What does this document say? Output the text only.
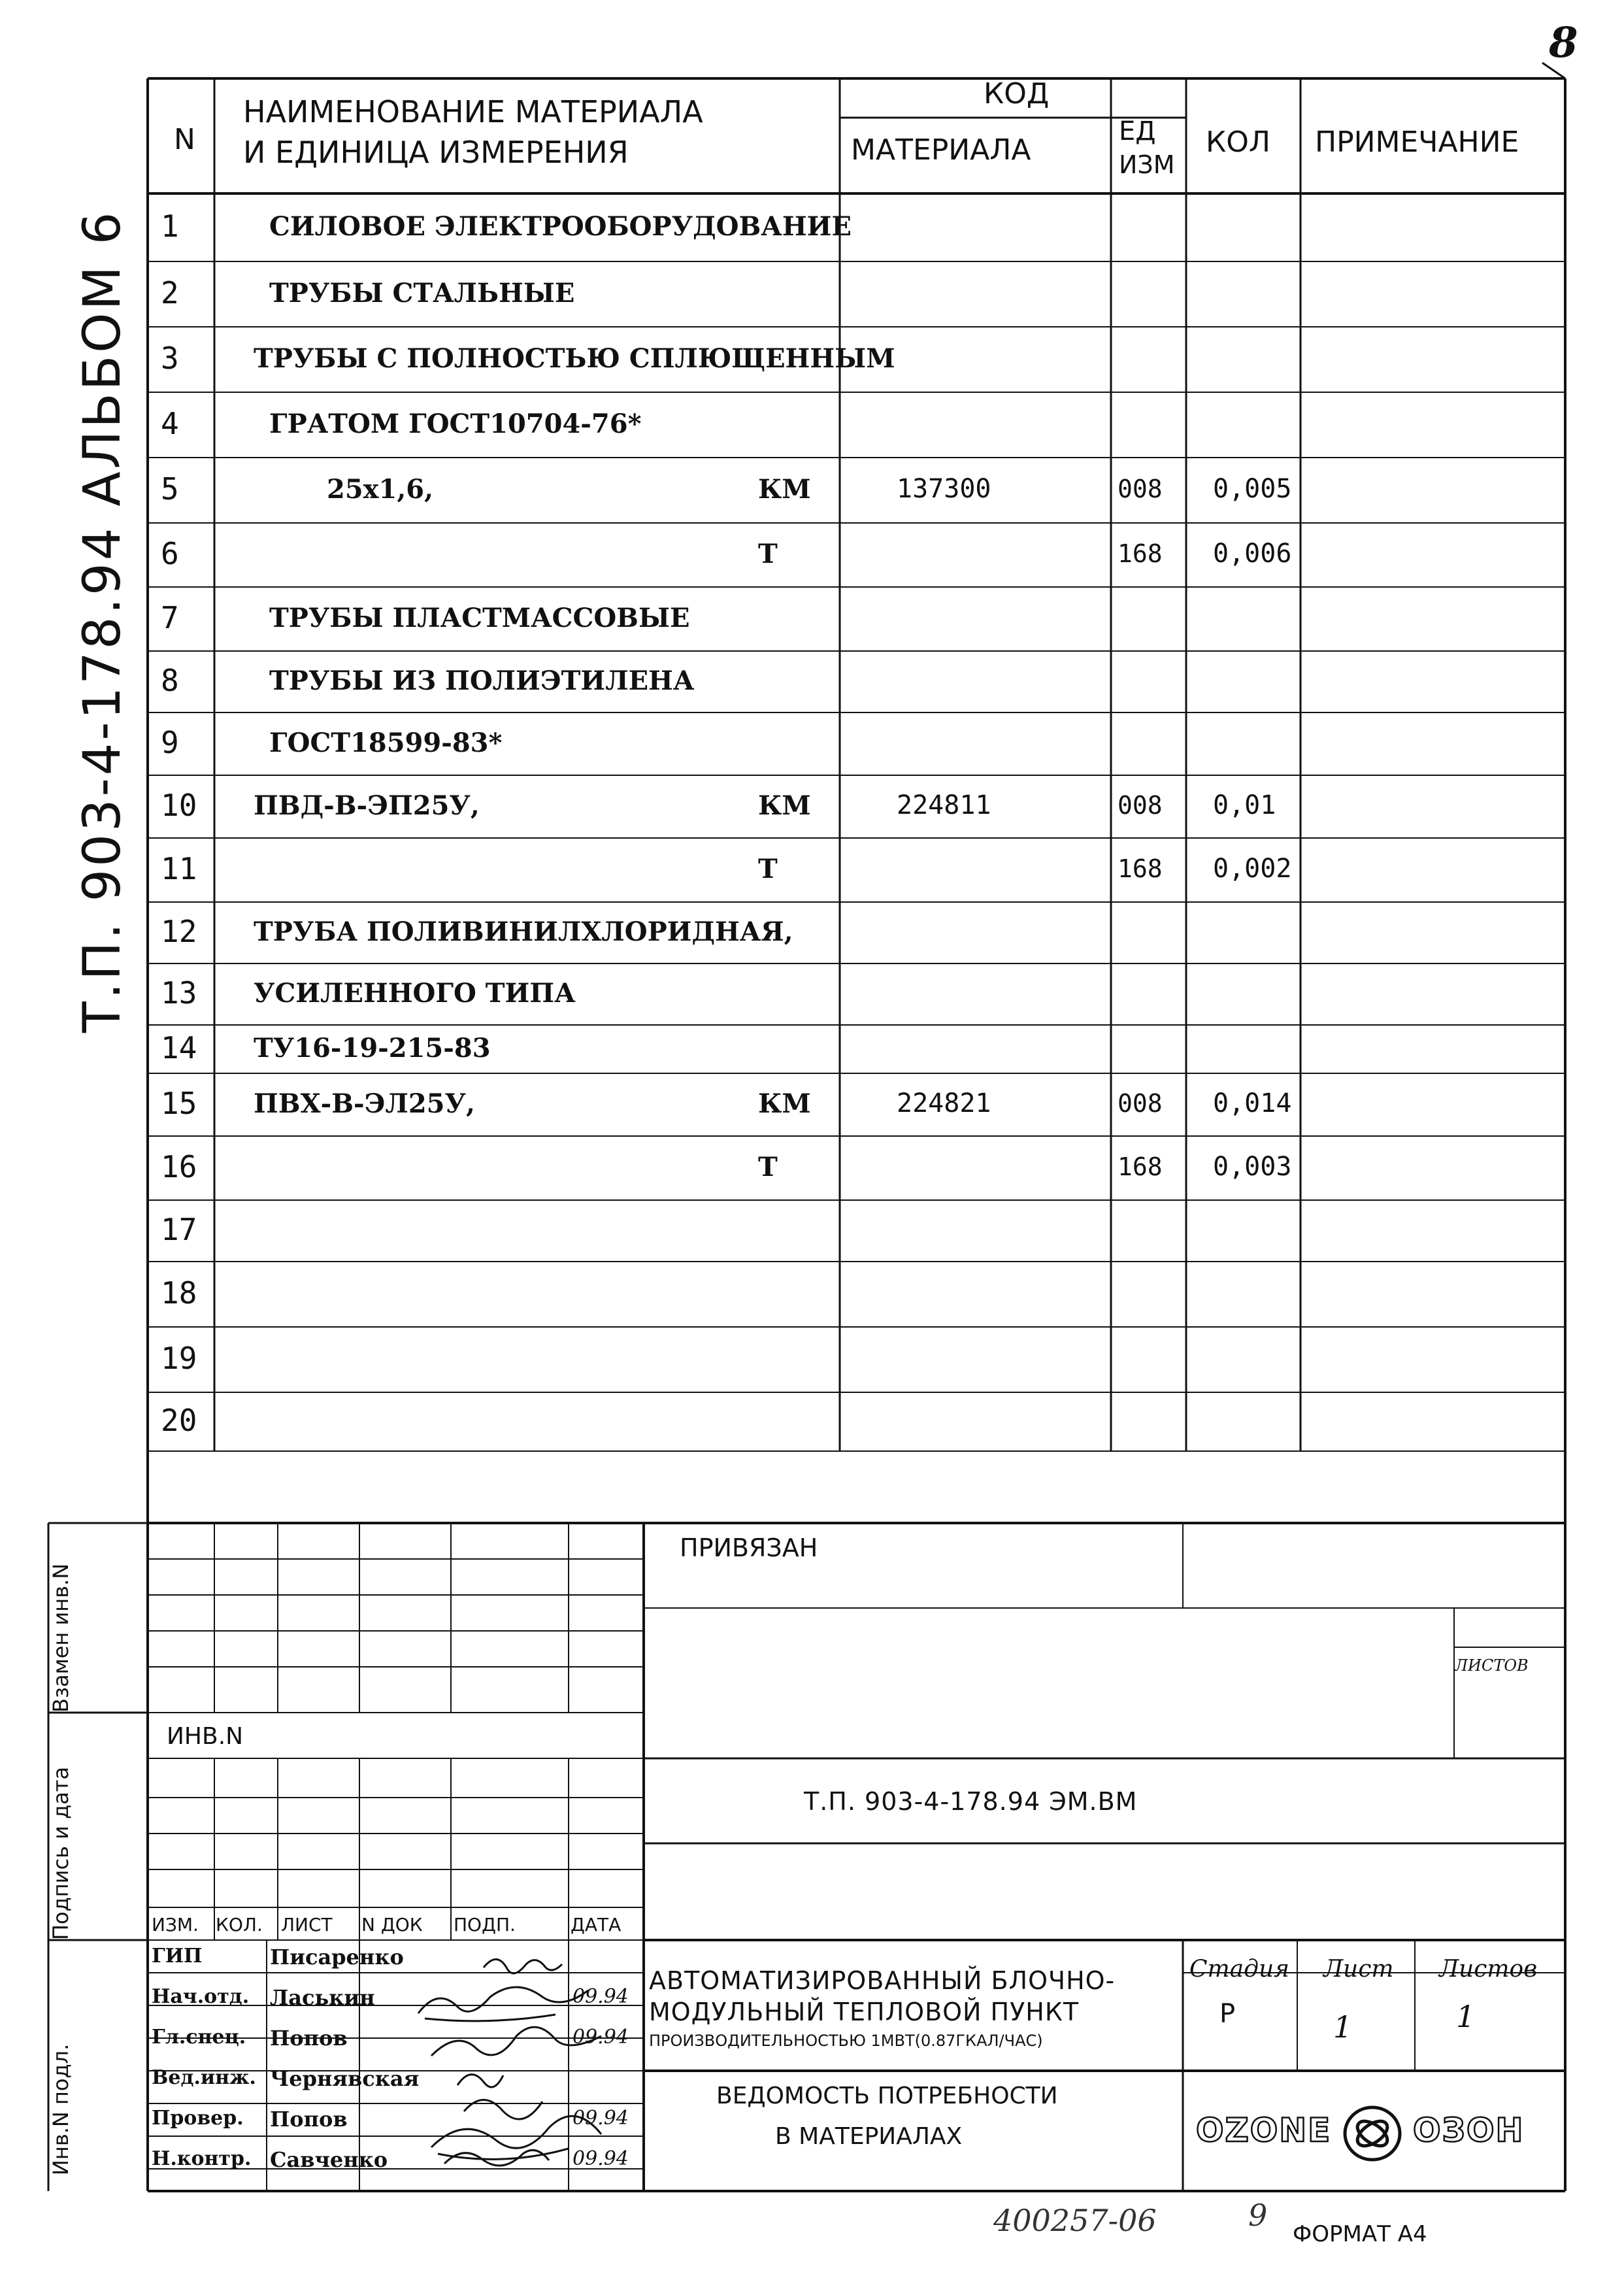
8
Т.П. 903-4-178.94 АЛЬБОМ 6
N
НАИМЕНОВАНИЕ МАТЕРИАЛА
И ЕДИНИЦА ИЗМЕРЕНИЯ
КОД
МАТЕРИАЛА
ЕД
ИЗМ
КОЛ ПРИМЕЧАНИЕ
1	СИЛОВОЕ ЭЛЕКТРООБОРУДОВАНИЕ
2	ТРУБЫ СТАЛЬНЫЕ
3	ТРУБЫ С ПОЛНОСТЬЮ СПЛЮЩЕННЫМ
4	ГРАТОМ ГОСТ10704-76*
5	25х1,6,	КМ	137300	008 0,005
6	Т	168 0,006
7	ТРУБЫ ПЛАСТМАССОВЫЕ
8	ТРУБЫ ИЗ ПОЛИЭТИЛЕНА
9	ГОСТ18599-83*
10 ПВД-В-ЭП25У,	КМ	224811	008 0,01
11	Т	168 0,002
12 ТРУБА ПОЛИВИНИЛХЛОРИДНАЯ,
13 УСИЛЕННОГО ТИПА
14 ТУ16-19-215-83
15 ПВХ-В-ЭЛ25У,	КМ	224821	008 0,014
16	Т	168 0,003
17
18
19
20
Взамен инв.N
Подпись и дата
Инв.N подл.
ИНВ.N
ПРИВЯЗАН
ЛИСТОВ
Т.П. 903-4-178.94 ЭМ.ВМ
ИЗМ. КОЛ. ЛИСТ N ДОК ПОДП.	ДАТА
ГИП	Писаренко
Нач.отд. Ласькин	09.94
Гл.спец. Попов	09.94
Вед.инж. Чернявская
Провер. Попов	09.94
Н.контр. Савченко	09.94
АВТОМАТИЗИРОВАННЫЙ БЛОЧНО-
МОДУЛЬНЫЙ ТЕПЛОВОЙ ПУНКТ
ПРОИЗВОДИТЕЛЬНОСТЬЮ 1МВТ(0.87ГКАЛ/ЧАС)
ВЕДОМОСТЬ ПОТРЕБНОСТИ
В МАТЕРИАЛАХ
Стадия Лист Листов
Р	1	1
OZONE ОЗОН
400257-06	9
ФОРМАТ А4
